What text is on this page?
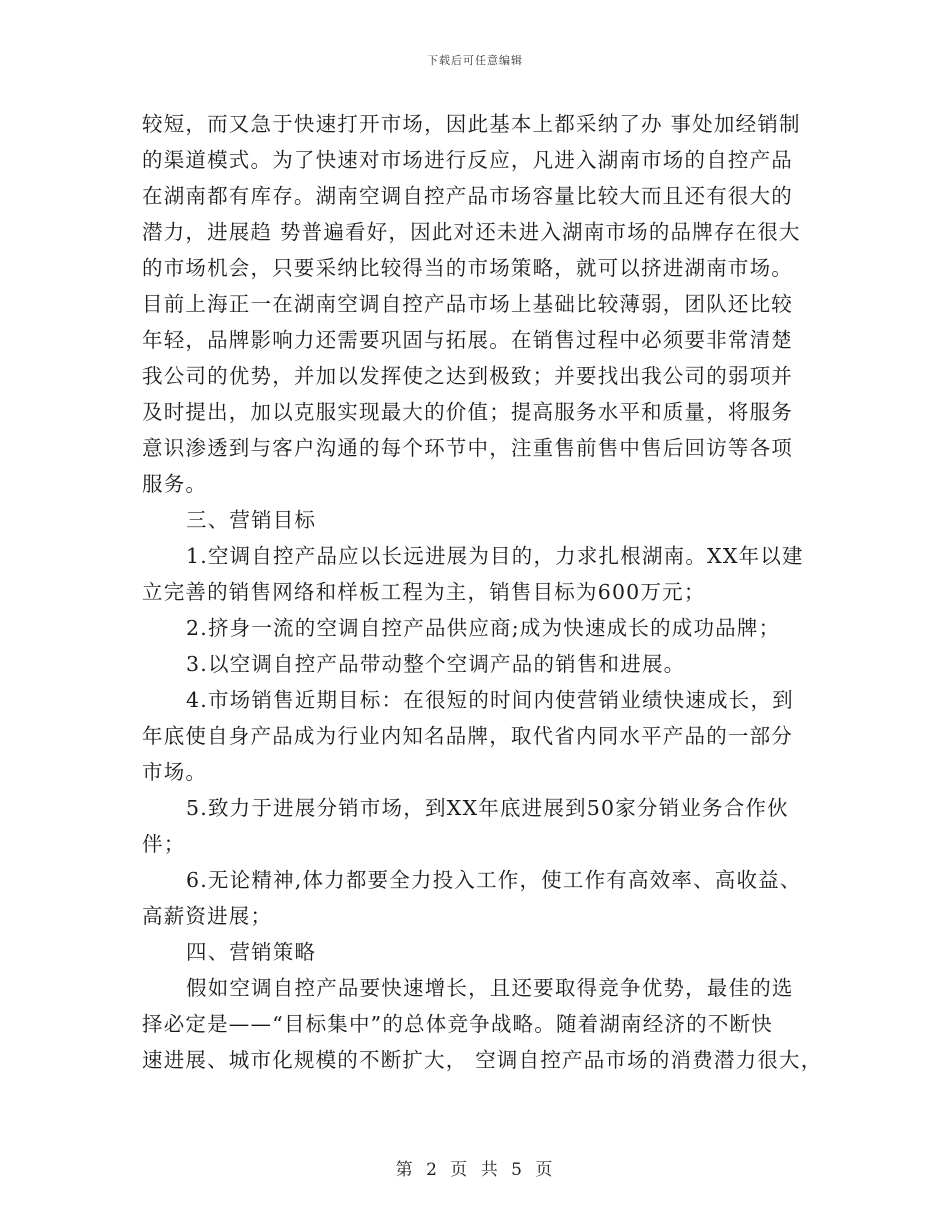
下载后可任意编辑
较短，而又急于快速打开市场，因此基本上都采纳了办 事处加经销制
的渠道模式。为了快速对市场进行反应，凡进入湖南市场的自控产品
在湖南都有库存。湖南空调自控产品市场容量比较大而且还有很大的
潜力，进展趋 势普遍看好，因此对还未进入湖南市场的品牌存在很大
的市场机会，只要采纳比较得当的市场策略，就可以挤进湖南市场。
目前上海正一在湖南空调自控产品市场上基础比较薄弱，团队还比较
年轻，品牌影响力还需要巩固与拓展。在销售过程中必须要非常清楚
我公司的优势，并加以发挥使之达到极致；并要找出我公司的弱项并
及时提出，加以克服实现最大的价值；提高服务水平和质量，将服务
意识渗透到与客户沟通的每个环节中，注重售前售中售后回访等各项
服务。
三、营销目标
1.空调自控产品应以长远进展为目的，力求扎根湖南。XX年以建
立完善的销售网络和样板工程为主，销售目标为600万元；
2.挤身一流的空调自控产品供应商;成为快速成长的成功品牌；
3.以空调自控产品带动整个空调产品的销售和进展。
4.市场销售近期目标：在很短的时间内使营销业绩快速成长，到
年底使自身产品成为行业内知名品牌，取代省内同水平产品的一部分
市场。
5.致力于进展分销市场，到XX年底进展到50家分销业务合作伙
伴；
6.无论精神,体力都要全力投入工作，使工作有高效率、高收益、
高薪资进展；
四、营销策略
假如空调自控产品要快速增长，且还要取得竞争优势，最佳的选
择必定是——“目标集中”的总体竞争战略。随着湖南经济的不断快
速进展、城市化规模的不断扩大， 空调自控产品市场的消费潜力很大，
第 2 页 共 5 页
